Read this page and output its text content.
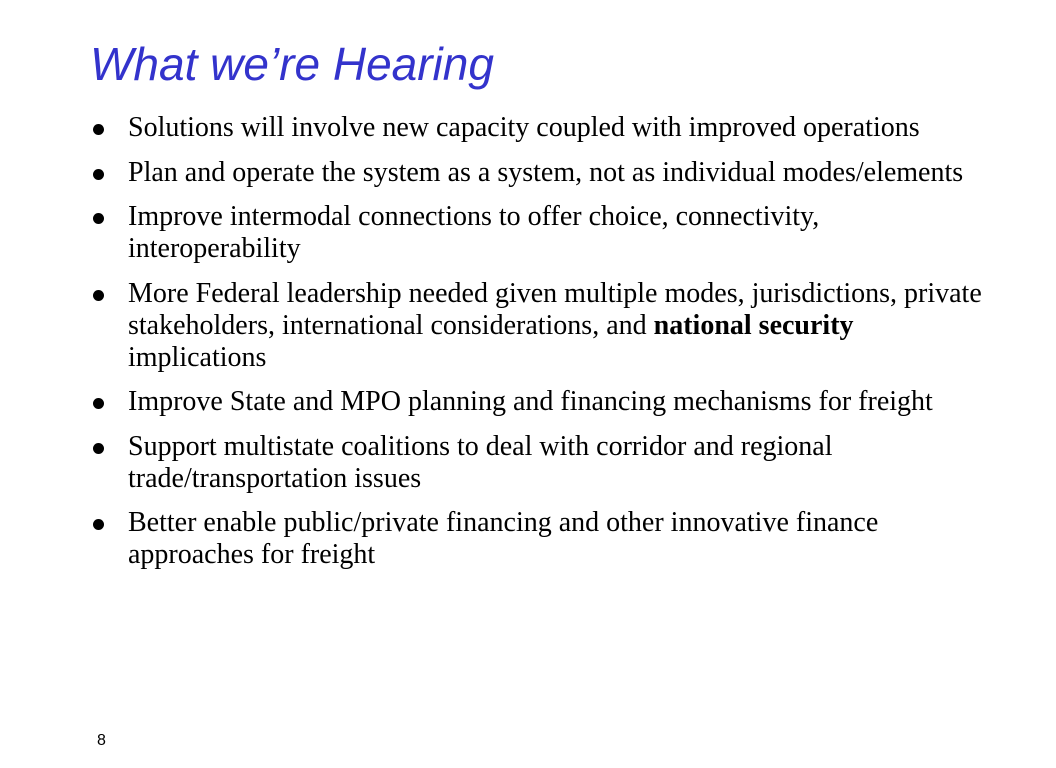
What we’re Hearing
Solutions will involve new capacity coupled with improved operations
Plan and operate the system as a system, not as individual modes/elements
Improve intermodal connections to offer choice, connectivity, interoperability
More Federal leadership needed given multiple modes, jurisdictions, private stakeholders, international considerations, and national security implications
Improve State and MPO planning and financing mechanisms for freight
Support multistate coalitions to deal with corridor and regional trade/transportation issues
Better enable public/private financing and other innovative finance approaches for freight
8
